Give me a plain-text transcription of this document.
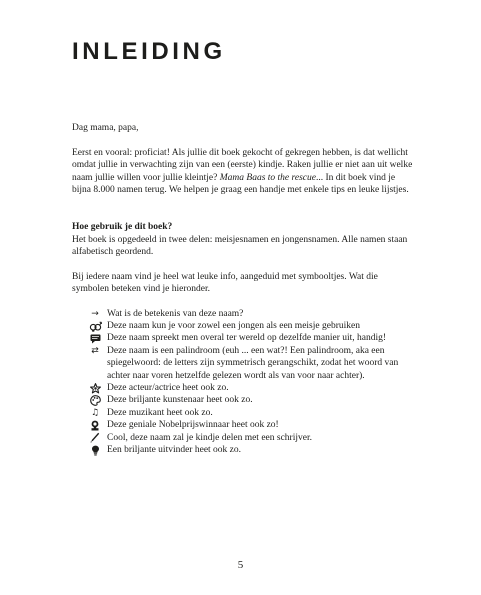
INLEIDING

Dag mama, papa,

Eerst en vooral: proficiat! Als jullie dit boek gekocht of gekregen hebben, is dat wellicht omdat jullie in verwachting zijn van een (eerste) kindje. Raken jullie er niet aan uit welke naam jullie willen voor jullie kleintje? Mama Baas to the rescue... In dit boek vind je bijna 8.000 namen terug. We helpen je graag een handje met enkele tips en leuke lijstjes.

Hoe gebruik je dit boek?

Het boek is opgedeeld in twee delen: meisjesnamen en jongensnamen. Alle namen staan alfabetisch geordend.

Bij iedere naam vind je heel wat leuke info, aangeduid met symbooltjes. Wat die symbolen beteken vind je hieronder.

→ Wat is de betekenis van deze naam?
Deze naam kun je voor zowel een jongen als een meisje gebruiken
Deze naam spreekt men overal ter wereld op dezelfde manier uit, handig!
⇄ Deze naam is een palindroom (euh ... een wat?! Een palindroom, aka een spiegelwoord: de letters zijn symmetrisch gerangschikt, zodat het woord van achter naar voren hetzelfde gelezen wordt als van voor naar achter).
Deze acteur/actrice heet ook zo.
Deze briljante kunstenaar heet ook zo.
♫ Deze muzikant heet ook zo.
Deze geniale Nobelprijswinnaar heet ook zo!
Cool, deze naam zal je kindje delen met een schrijver.
Een briljante uitvinder heet ook zo.
5
